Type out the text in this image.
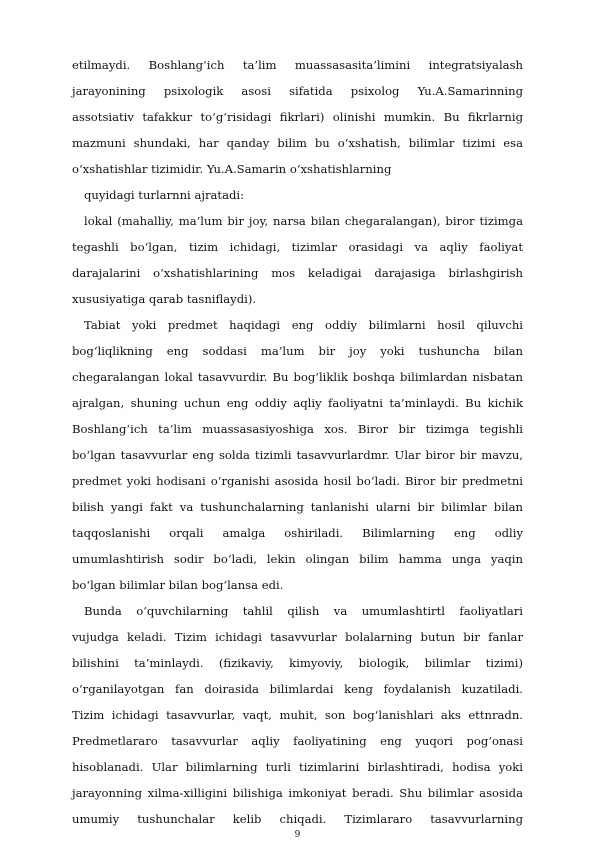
etilmaydi. Boshlang‘ich ta’lim muassasasita’limini integratsiyalash
jarayonining psixologik asosi sifatida psixolog Yu.A.Samarinning
assotsiativ tafakkur to‘g‘risidagi fikrlari) olinishi mumkin. Bu fikrlarnig
mazmuni shundaki, har qanday bilim bu o‘xshatish, bilimlar tizimi esa
o‘xshatishlar tizimidir. Yu.A.Samarin o‘xshatishlarning
quyidagi turlarnni ajratadi:
lokal (mahalliy, ma’lum bir joy, narsa bilan chegaralangan), biror tizimga
tegashli bo‘lgan, tizim ichidagi, tizimlar orasidagi va aqliy faoliyat
darajalarini o‘xshatishlarining mos keladigai darajasiga birlashgirish
xususiyatiga qarab tasniflaydi).
Tabiat yoki predmet haqidagi eng oddiy bilimlarni hosil qiluvchi
bog‘liqlikning eng soddasi ma’lum bir joy yoki tushuncha bilan
chegaralangan lokal tasavvurdir. Bu bog‘liklik boshqa bilimlardan nisbatan
ajralgan, shuning uchun eng oddiy aqliy faoliyatni ta’minlaydi. Bu kichik
Boshlang‘ich ta’lim muassasasiyoshiga xos. Biror bir tizimga tegishli
bo‘lgan tasavvurlar eng solda tizimli tasavvurlardmr. Ular biror bir mavzu,
predmet yoki hodisani o‘rganishi asosida hosil bo‘ladi. Biror bir predmetni
bilish yangi fakt va tushunchalarning tanlanishi ularni bir bilimlar bilan
taqqoslanishi orqali amalga oshiriladi. Bilimlarning eng odliy
umumlashtirish sodir bo‘ladi, lekin olingan bilim hamma unga yaqin
bo‘lgan bilimlar bilan bog‘lansa edi.
Bunda o‘quvchilarning tahlil qilish va umumlashtirtl faoliyatlari
vujudga keladi. Tizim ichidagi tasavvurlar bolalarning butun bir fanlar
bilishini ta’minlaydi. (fizikaviy, kimyoviy, biologik, bilimlar tizimi)
o‘rganilayotgan fan doirasida bilimlardai keng foydalanish kuzatiladi.
Tizim ichidagi tasavvurlar, vaqt, muhit, son bog‘lanishlari aks ettnradn.
Predmetlararo tasavvurlar aqliy faoliyatining eng yuqori pog‘onasi
hisoblanadi. Ular bilimlarning turli tizimlarini birlashtiradi, hodisa yoki
jarayonning xilma-xilligini bilishiga imkoniyat beradi. Shu bilimlar asosida
umumiy tushunchalar kelib chiqadi. Tizimlararo tasavvurlarning
9
